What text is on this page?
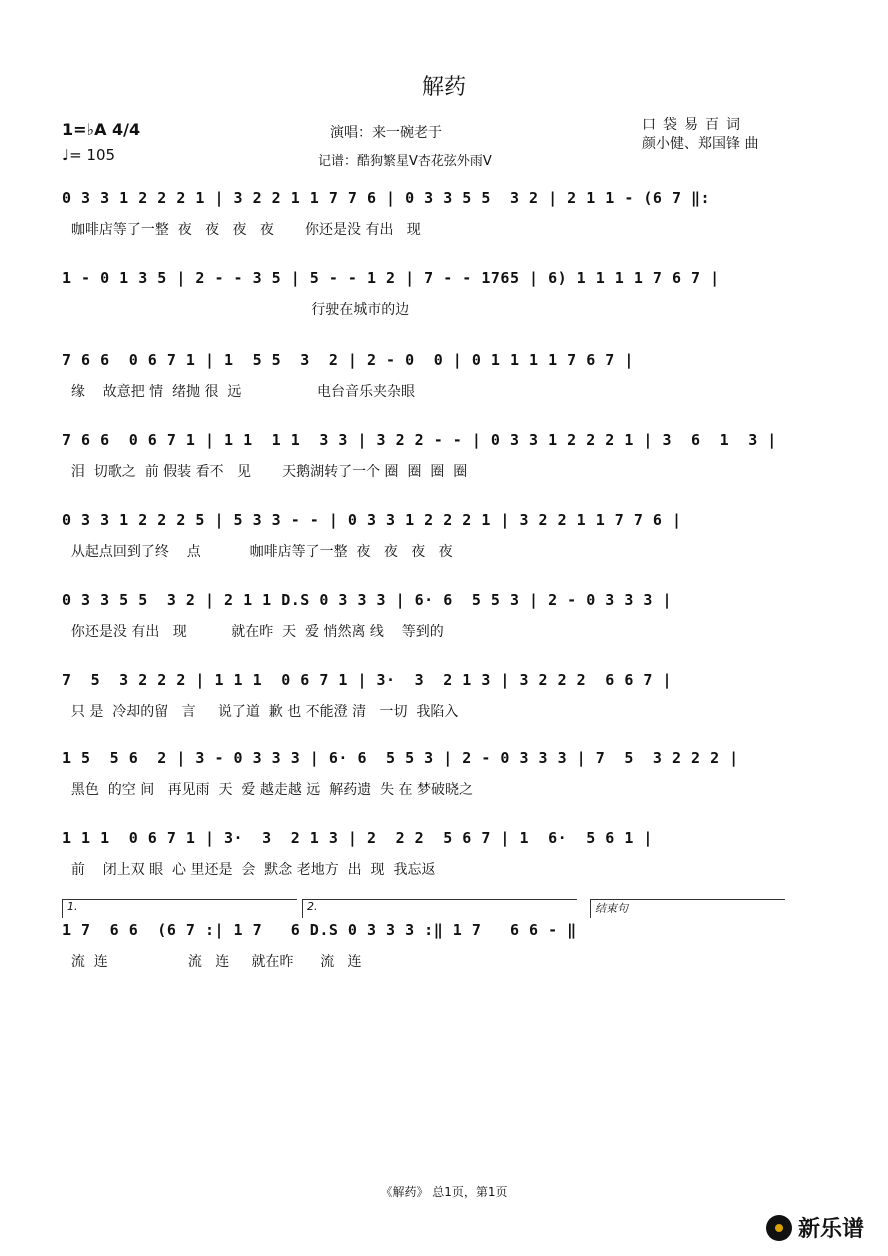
解药
1=♭A 4/4
♩= 105
演唱：来一碗老于
记谱：酷狗繁星V杏花弦外雨V
口袋易百词
颜小健、郑国锋 曲
0 3 3 1 2 2 2 1 | 3 2 2 1 1 7 7 6 | 0 3 3 5 5  3 2 | 2 1 1 - (6 7 ‖:
咖啡店等了一整  夜   夜   夜   夜       你还是没 有出   现
1 - 0 1 3 5 | 2 - - 3 5 | 5 - - 1 2 | 7 - - 1765 | 6) 1 1 1 1 7 6 7 |
行驶在城市的边
7 6 6  0 6 7 1 | 1  5 5  3  2 | 2 - 0  0 | 0 1 1 1 1 7 6 7 |
缘    故意把 情  绪抛 很  远                 电台音乐夹杂眼
7 6 6  0 6 7 1 | 1 1  1 1  3 3 | 3 2 2 - - | 0 3 3 1 2 2 2 1 | 3  6  1  3 |
泪  切歌之  前 假装 看不   见       天鹅湖转了一个 圈  圈  圈  圈
0 3 3 1 2 2 2 5 | 5 3 3 - - | 0 3 3 1 2 2 2 1 | 3 2 2 1 1 7 7 6 |
从起点回到了终    点           咖啡店等了一整  夜   夜   夜   夜
0 3 3 5 5  3 2 | 2 1 1 D.S 0 3 3 3 | 6· 6  5 5 3 | 2 - 0 3 3 3 |
你还是没 有出   现          就在昨  天  爱 悄然离 线    等到的
7  5  3 2 2 2 | 1 1 1  0 6 7 1 | 3·  3  2 1 3 | 3 2 2 2  6 6 7 |
只 是  冷却的留   言     说了道  歉 也 不能澄 清   一切  我陷入
1 5  5 6  2 | 3 - 0 3 3 3 | 6· 6  5 5 3 | 2 - 0 3 3 3 | 7  5  3 2 2 2 |
黑色  的空 间   再见雨  天  爱 越走越 远  解药遗  失 在 梦破晓之
1 1 1  0 6 7 1 | 3·  3  2 1 3 | 2  2 2  5 6 7 | 1  6·  5 6 1 |
前    闭上双 眼  心 里还是  会  默念 老地方  出  现  我忘返
1.	2.	结束句
1 7  6 6  (6 7 :| 1 7   6 D.S 0 3 3 3 :‖ 1 7   6 6 - ‖
流  连                  流   连     就在昨      流   连
《解药》 总1页，第1页
新乐谱
